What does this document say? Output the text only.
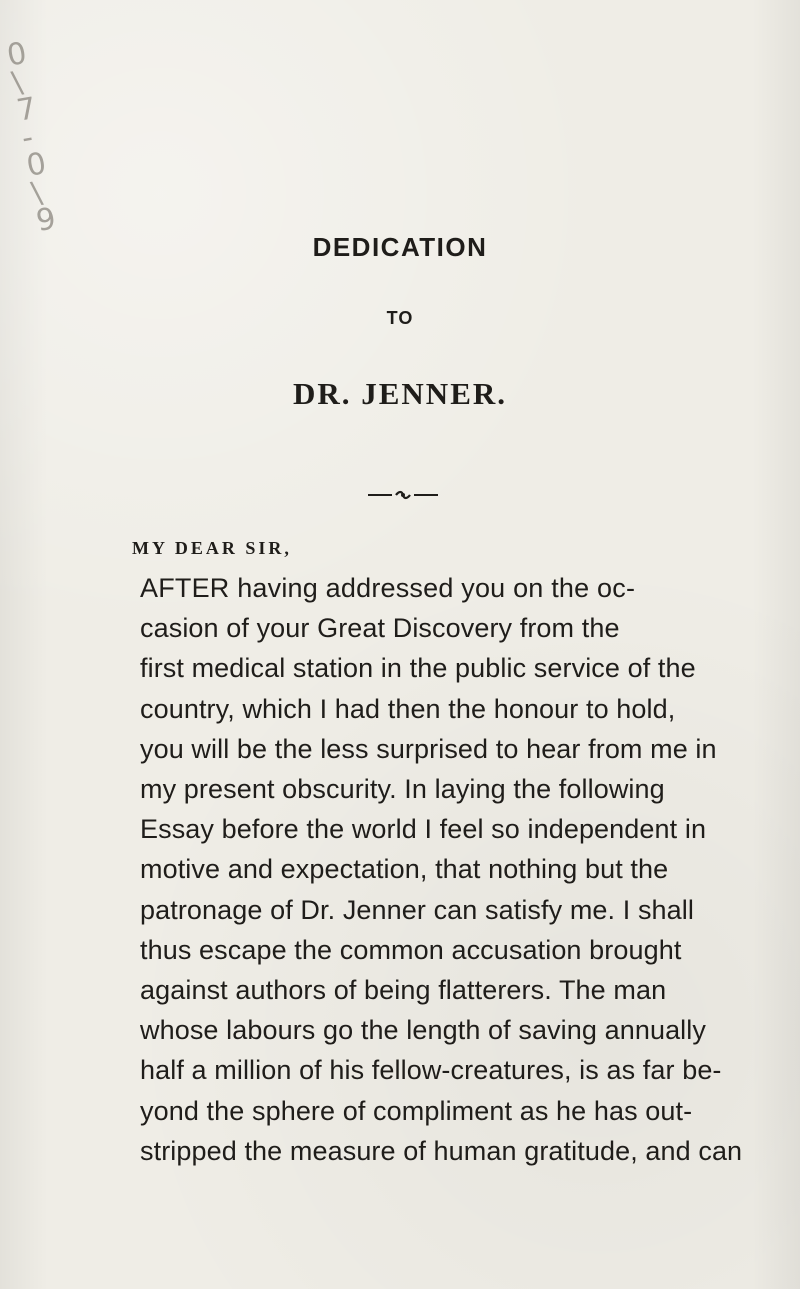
0
\
7
-
0
\
9
DEDICATION
TO
DR. JENNER.
MY DEAR SIR,
AFTER having addressed you on the oc-
casion of your Great Discovery from the
first medical station in the public service of the
country, which I had then the honour to hold,
you will be the less surprised to hear from me in
my present obscurity. In laying the following
Essay before the world I feel so independent in
motive and expectation, that nothing but the
patronage of Dr. Jenner can satisfy me. I shall
thus escape the common accusation brought
against authors of being flatterers. The man
whose labours go the length of saving annually
half a million of his fellow-creatures, is as far be-
yond the sphere of compliment as he has out-
stripped the measure of human gratitude, and can
